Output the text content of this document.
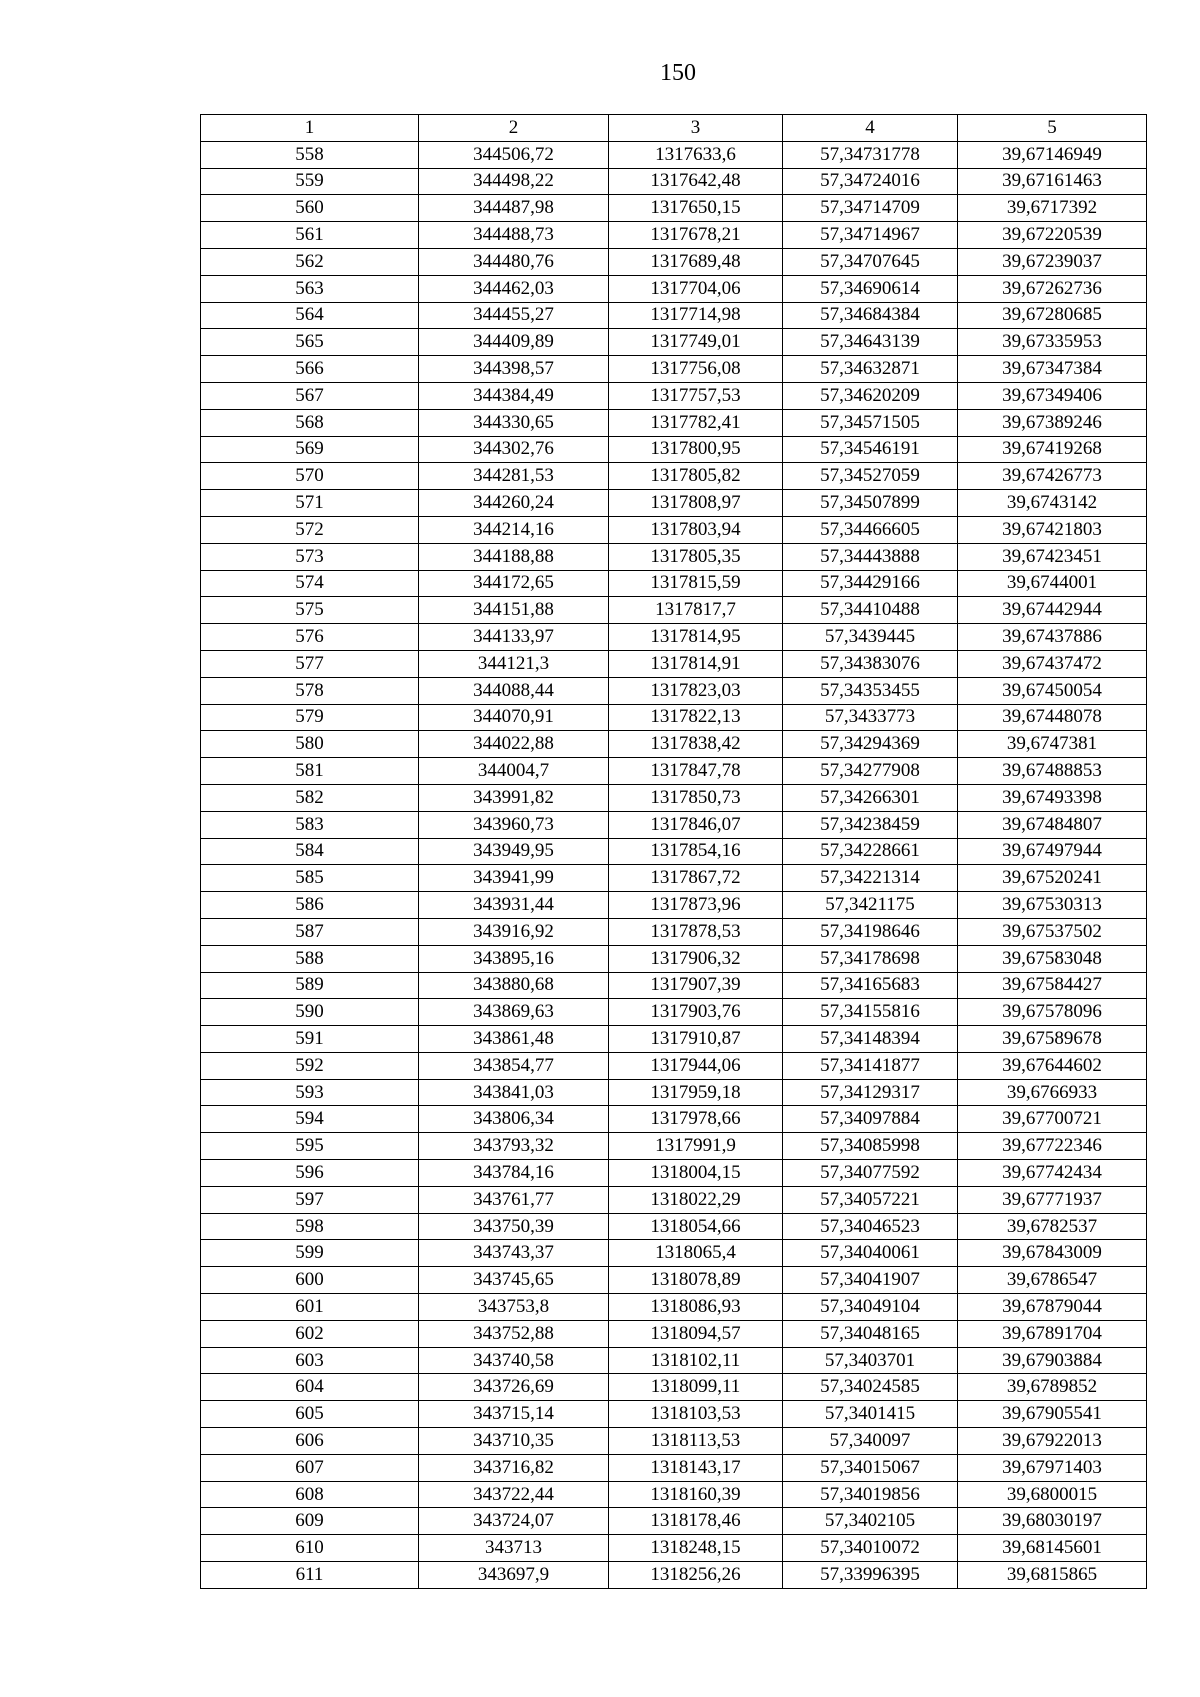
150
1	2	3	4	5
558	344506,72	1317633,6	57,34731778	39,67146949
559	344498,22	1317642,48	57,34724016	39,67161463
560	344487,98	1317650,15	57,34714709	39,6717392
561	344488,73	1317678,21	57,34714967	39,67220539
562	344480,76	1317689,48	57,34707645	39,67239037
563	344462,03	1317704,06	57,34690614	39,67262736
564	344455,27	1317714,98	57,34684384	39,67280685
565	344409,89	1317749,01	57,34643139	39,67335953
566	344398,57	1317756,08	57,34632871	39,67347384
567	344384,49	1317757,53	57,34620209	39,67349406
568	344330,65	1317782,41	57,34571505	39,67389246
569	344302,76	1317800,95	57,34546191	39,67419268
570	344281,53	1317805,82	57,34527059	39,67426773
571	344260,24	1317808,97	57,34507899	39,6743142
572	344214,16	1317803,94	57,34466605	39,67421803
573	344188,88	1317805,35	57,34443888	39,67423451
574	344172,65	1317815,59	57,34429166	39,6744001
575	344151,88	1317817,7	57,34410488	39,67442944
576	344133,97	1317814,95	57,3439445	39,67437886
577	344121,3	1317814,91	57,34383076	39,67437472
578	344088,44	1317823,03	57,34353455	39,67450054
579	344070,91	1317822,13	57,3433773	39,67448078
580	344022,88	1317838,42	57,34294369	39,6747381
581	344004,7	1317847,78	57,34277908	39,67488853
582	343991,82	1317850,73	57,34266301	39,67493398
583	343960,73	1317846,07	57,34238459	39,67484807
584	343949,95	1317854,16	57,34228661	39,67497944
585	343941,99	1317867,72	57,34221314	39,67520241
586	343931,44	1317873,96	57,3421175	39,67530313
587	343916,92	1317878,53	57,34198646	39,67537502
588	343895,16	1317906,32	57,34178698	39,67583048
589	343880,68	1317907,39	57,34165683	39,67584427
590	343869,63	1317903,76	57,34155816	39,67578096
591	343861,48	1317910,87	57,34148394	39,67589678
592	343854,77	1317944,06	57,34141877	39,67644602
593	343841,03	1317959,18	57,34129317	39,6766933
594	343806,34	1317978,66	57,34097884	39,67700721
595	343793,32	1317991,9	57,34085998	39,67722346
596	343784,16	1318004,15	57,34077592	39,67742434
597	343761,77	1318022,29	57,34057221	39,67771937
598	343750,39	1318054,66	57,34046523	39,6782537
599	343743,37	1318065,4	57,34040061	39,67843009
600	343745,65	1318078,89	57,34041907	39,6786547
601	343753,8	1318086,93	57,34049104	39,67879044
602	343752,88	1318094,57	57,34048165	39,67891704
603	343740,58	1318102,11	57,3403701	39,67903884
604	343726,69	1318099,11	57,34024585	39,6789852
605	343715,14	1318103,53	57,3401415	39,67905541
606	343710,35	1318113,53	57,340097	39,67922013
607	343716,82	1318143,17	57,34015067	39,67971403
608	343722,44	1318160,39	57,34019856	39,6800015
609	343724,07	1318178,46	57,3402105	39,68030197
610	343713	1318248,15	57,34010072	39,68145601
611	343697,9	1318256,26	57,33996395	39,6815865
